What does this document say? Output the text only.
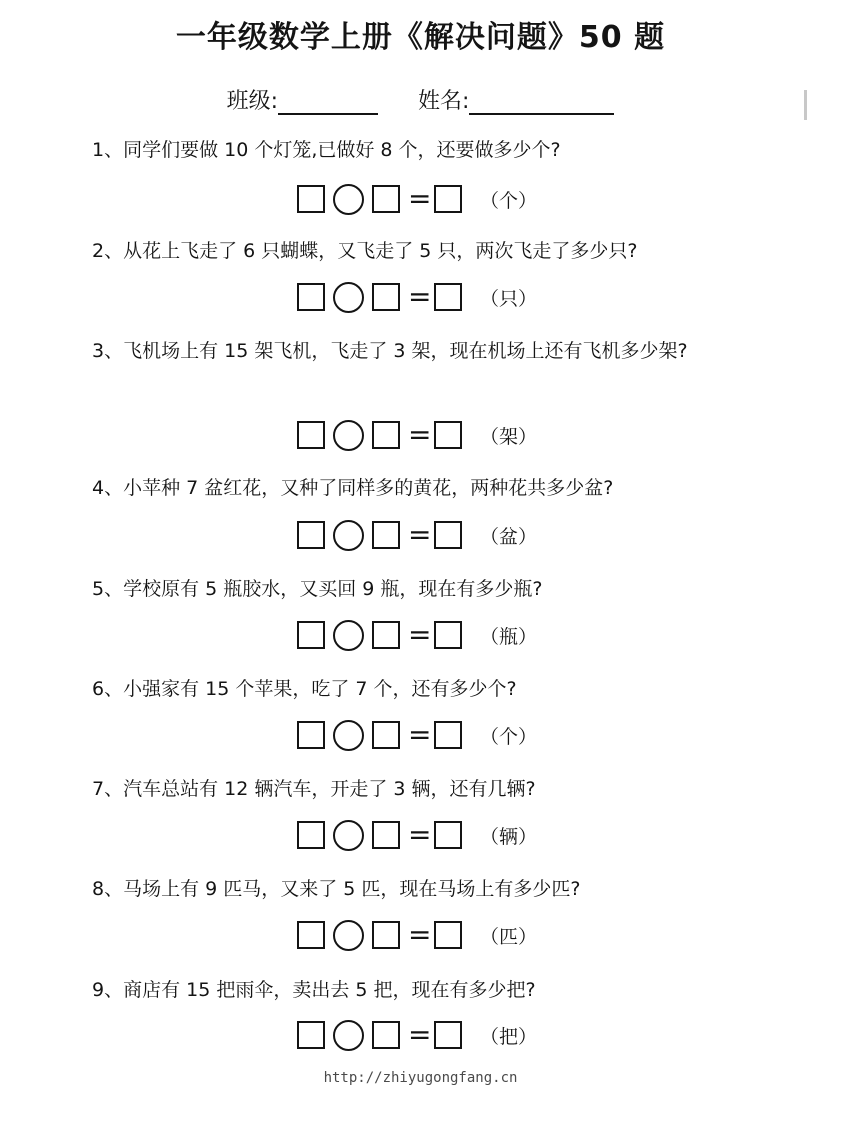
一年级数学上册《解决问题》50 题
班级:	姓名:
1、同学们要做 10 个灯笼,已做好 8 个，还要做多少个?
=	（个）
2、从花上飞走了 6 只蝴蝶，又飞走了 5 只，两次飞走了多少只?
=	（只）
3、飞机场上有 15 架飞机，飞走了 3 架，现在机场上还有飞机多少架?
=	（架）
4、小苹种 7 盆红花，又种了同样多的黄花，两种花共多少盆?
=	（盆）
5、学校原有 5 瓶胶水，又买回 9 瓶，现在有多少瓶?
=	（瓶）
6、小强家有 15 个苹果，吃了 7 个，还有多少个?
=	（个）
7、汽车总站有 12 辆汽车，开走了 3 辆，还有几辆?
=	（辆）
8、马场上有 9 匹马，又来了 5 匹，现在马场上有多少匹?
=	（匹）
9、商店有 15 把雨伞，卖出去 5 把，现在有多少把?
=	（把）
http://zhiyugongfang.cn
